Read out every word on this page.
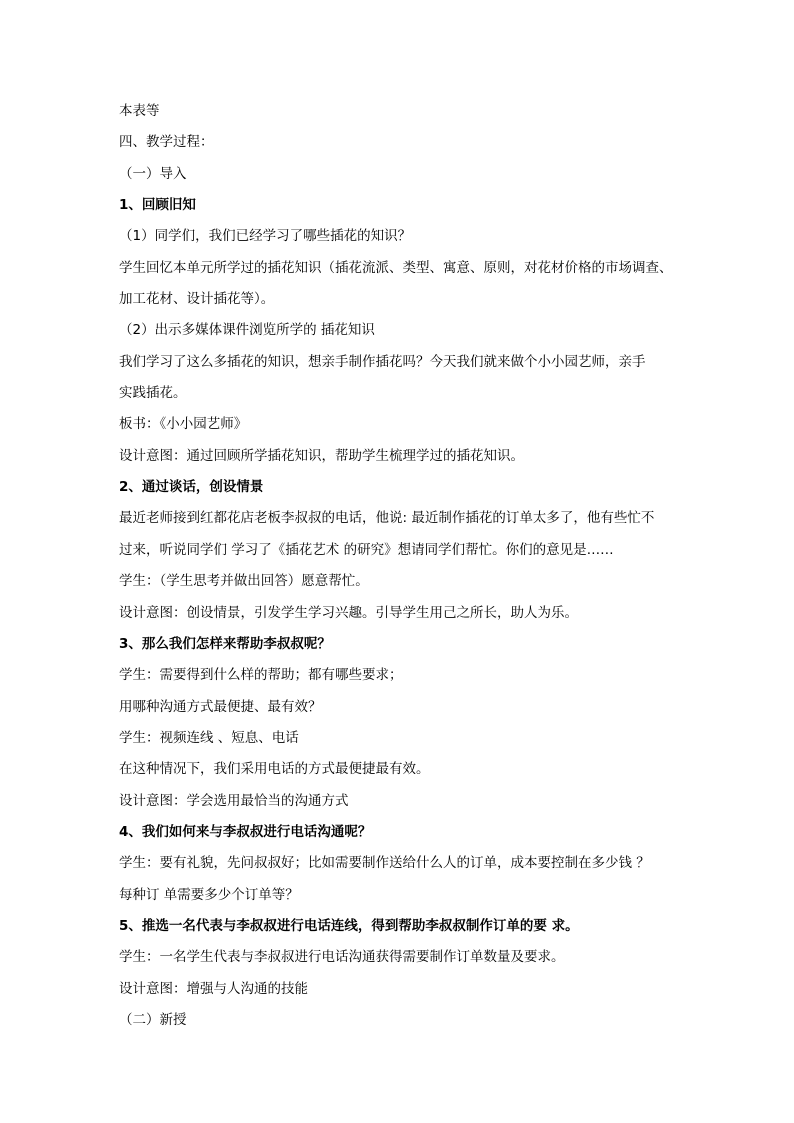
本表等
四、教学过程：
（一）导入
1、回顾旧知
（1）同学们，我们已经学习了哪些插花的知识？
学生回忆本单元所学过的插花知识（插花流派、类型、寓意、原则，对花材价格的市场调查、
加工花材、设计插花等）。
（2）出示多媒体课件浏览所学的 插花知识
我们学习了这么多插花的知识，想亲手制作插花吗？今天我们就来做个小小园艺师，亲手
实践插花。
板书：《小小园艺师》
设计意图：通过回顾所学插花知识，帮助学生梳理学过的插花知识。
2、通过谈话，创设情景
最近老师接到红都花店老板李叔叔的电话，他说: 最近制作插花的订单太多了，他有些忙不
过来，听说同学们 学习了《插花艺术 的研究》想请同学们帮忙。你们的意见是……
学生：（学生思考并做出回答）愿意帮忙。
设计意图：创设情景，引发学生学习兴趣。引导学生用己之所长，助人为乐。
3、那么我们怎样来帮助李叔叔呢？
学生：需要得到什么样的帮助；都有哪些要求；
用哪种沟通方式最便捷、最有效？
学生：视频连线 、短息、电话
在这种情况下，我们采用电话的方式最便捷最有效。
设计意图：学会选用最恰当的沟通方式
4、我们如何来与李叔叔进行电话沟通呢？
学生：要有礼貌，先问叔叔好；比如需要制作送给什么人的订单，成本要控制在多少钱 ？
每种订 单需要多少个订单等？
5、推选一名代表与李叔叔进行电话连线，得到帮助李叔叔制作订单的要 求。
学生：一名学生代表与李叔叔进行电话沟通获得需要制作订单数量及要求。
设计意图：增强与人沟通的技能
（二）新授
